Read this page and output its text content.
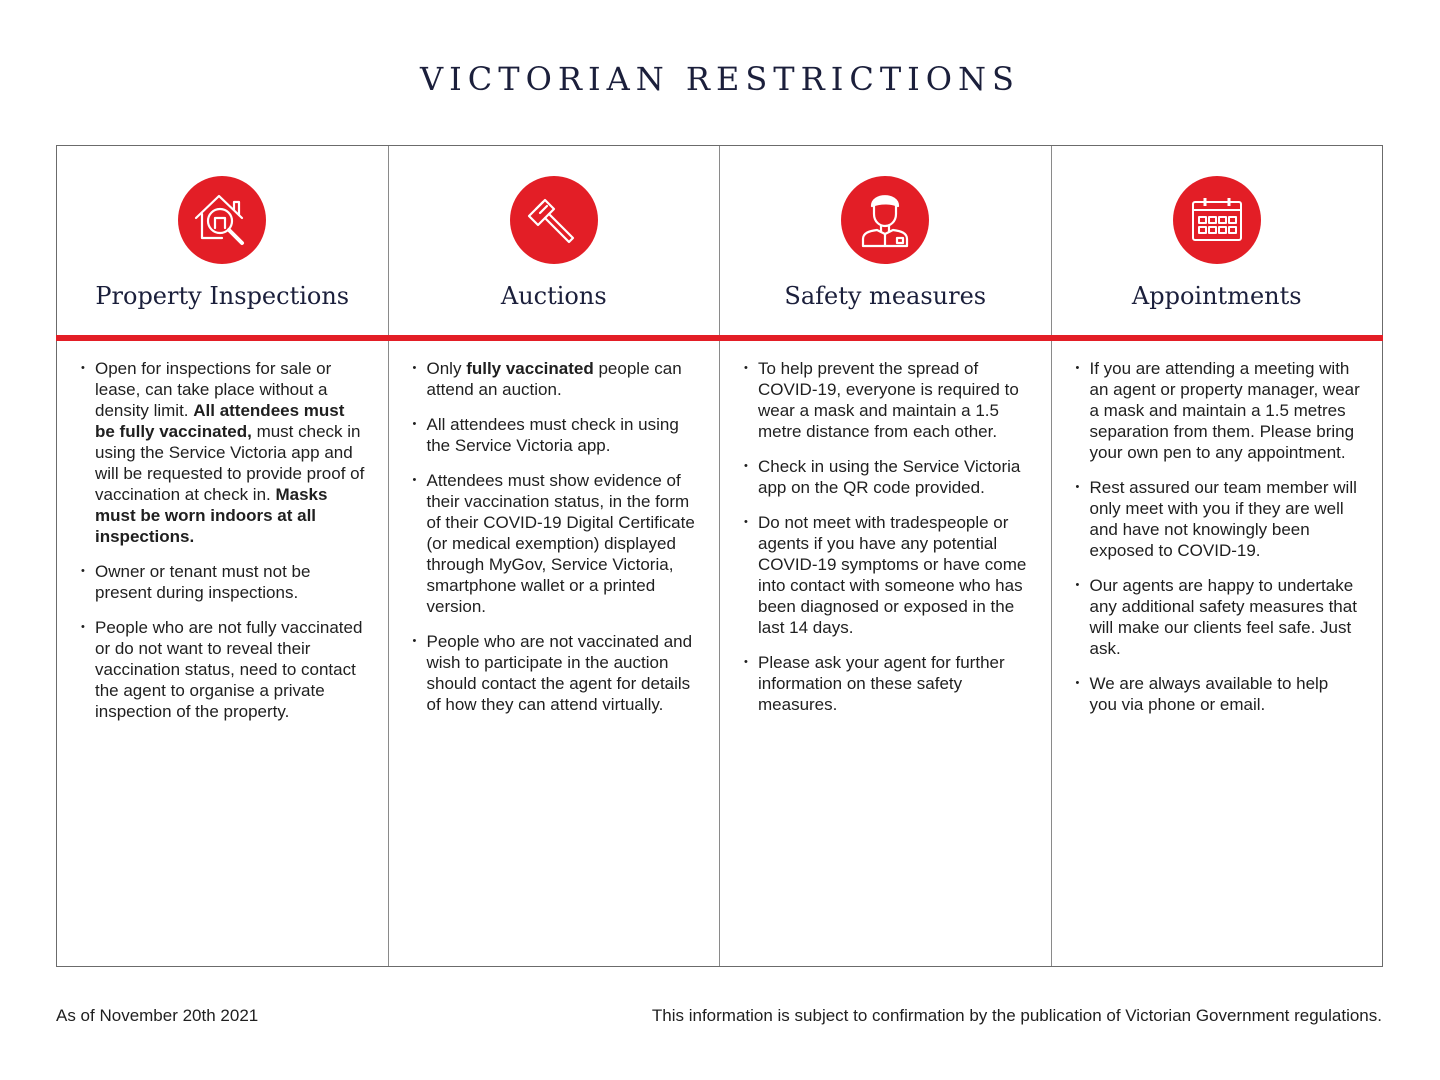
VICTORIAN RESTRICTIONS
Property Inspections
• Open for inspections for sale or lease, can take place without a density limit. All attendees must be fully vaccinated, must check in using the Service Victoria app and will be requested to provide proof of vaccination at check in. Masks must be worn indoors at all inspections.
• Owner or tenant must not be present during inspections.
• People who are not fully vaccinated or do not want to reveal their vaccination status, need to contact the agent to organise a private inspection of the property.
Auctions
• Only fully vaccinated people can attend an auction.
• All attendees must check in using the Service Victoria app.
• Attendees must show evidence of their vaccination status, in the form of their COVID-19 Digital Certificate (or medical exemption) displayed through MyGov, Service Victoria, smartphone wallet or a printed version.
• People who are not vaccinated and wish to participate in the auction should contact the agent for details of how they can attend virtually.
Safety measures
• To help prevent the spread of COVID-19, everyone is required to wear a mask and maintain a 1.5 metre distance from each other.
• Check in using the Service Victoria app on the QR code provided.
• Do not meet with tradespeople or agents if you have any potential COVID-19 symptoms or have come into contact with someone who has been diagnosed or exposed in the last 14 days.
• Please ask your agent for further information on these safety measures.
Appointments
• If you are attending a meeting with an agent or property manager, wear a mask and maintain a 1.5 metres separation from them. Please bring your own pen to any appointment.
• Rest assured our team member will only meet with you if they are well and have not knowingly been exposed to COVID-19.
• Our agents are happy to undertake any additional safety measures that will make our clients feel safe. Just ask.
• We are always available to help you via phone or email.
As of November 20th 2021	This information is subject to confirmation by the publication of Victorian Government regulations.
